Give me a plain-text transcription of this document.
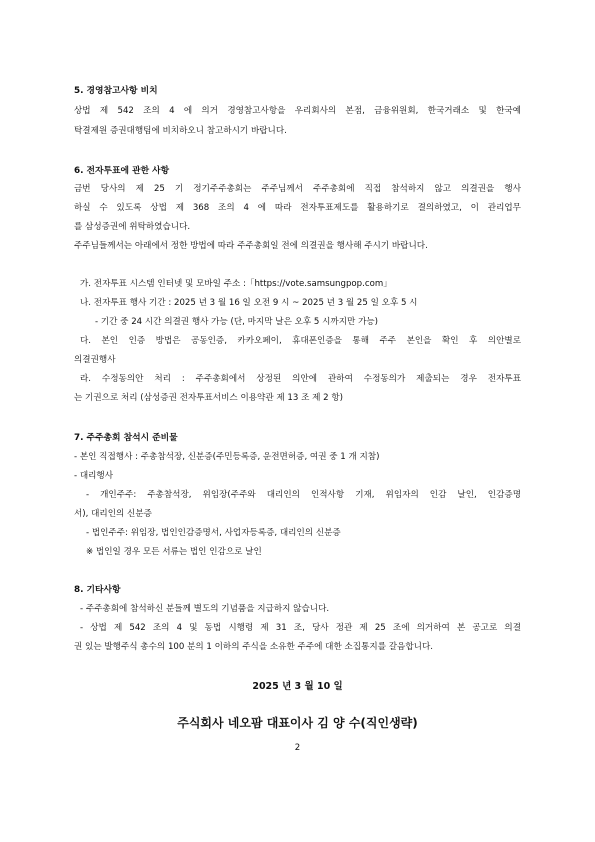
5. 경영참고사항 비치
상법 제 542 조의 4 에 의거 경영참고사항을 우리회사의 본점, 금융위원회, 한국거래소 및 한국예
탁결제원 증권대행팀에 비치하오니 참고하시기 바랍니다.
6. 전자투표에 관한 사항
금번 당사의 제 25 기 정기주주총회는 주주님께서 주주총회에 직접 참석하지 않고 의결권을 행사
하실 수 있도록 상법 제 368 조의 4 에 따라 전자투표제도를 활용하기로 결의하였고, 이 관리업무
를 삼성증권에 위탁하였습니다.
주주님들께서는 아래에서 정한 방법에 따라 주주총회일 전에 의결권을 행사해 주시기 바랍니다.
가. 전자투표 시스템 인터넷 및 모바일 주소 :「https://vote.samsungpop.com」
나. 전자투표 행사 기간 : 2025 년 3 월 16 일 오전 9 시 ~ 2025 년 3 월 25 일 오후 5 시
- 기간 중 24 시간 의결권 행사 가능 (단, 마지막 날은 오후 5 시까지만 가능)
다. 본인 인증 방법은 공동인증, 카카오페이, 휴대폰인증을 통해 주주 본인을 확인 후 의안별로
의결권행사
라. 수정동의안 처리 : 주주총회에서 상정된 의안에 관하여 수정동의가 제출되는 경우 전자투표
는 기권으로 처리 (삼성증권 전자투표서비스 이용약관 제 13 조 제 2 항)
7. 주주총회 참석시 준비물
- 본인 직접행사 : 주총참석장, 신분증(주민등록증, 운전면허증, 여권 중 1 개 지참)
- 대리행사
- 개인주주: 주총참석장, 위임장(주주와 대리인의 인적사항 기재, 위임자의 인감 날인, 인감증명
서), 대리인의 신분증
- 법인주주: 위임장, 법인인감증명서, 사업자등록증, 대리인의 신분증
※ 법인일 경우 모든 서류는 법인 인감으로 날인
8. 기타사항
- 주주총회에 참석하신 분들께 별도의 기념품을 지급하지 않습니다.
- 상법 제 542 조의 4 및 동법 시행령 제 31 조, 당사 정관 제 25 조에 의거하여 본 공고로 의결
권 있는 발행주식 총수의 100 분의 1 이하의 주식을 소유한 주주에 대한 소집통지를 갈음합니다.
2025 년 3 월 10 일
주식회사 네오팜 대표이사 김 양 수(직인생략)
2
